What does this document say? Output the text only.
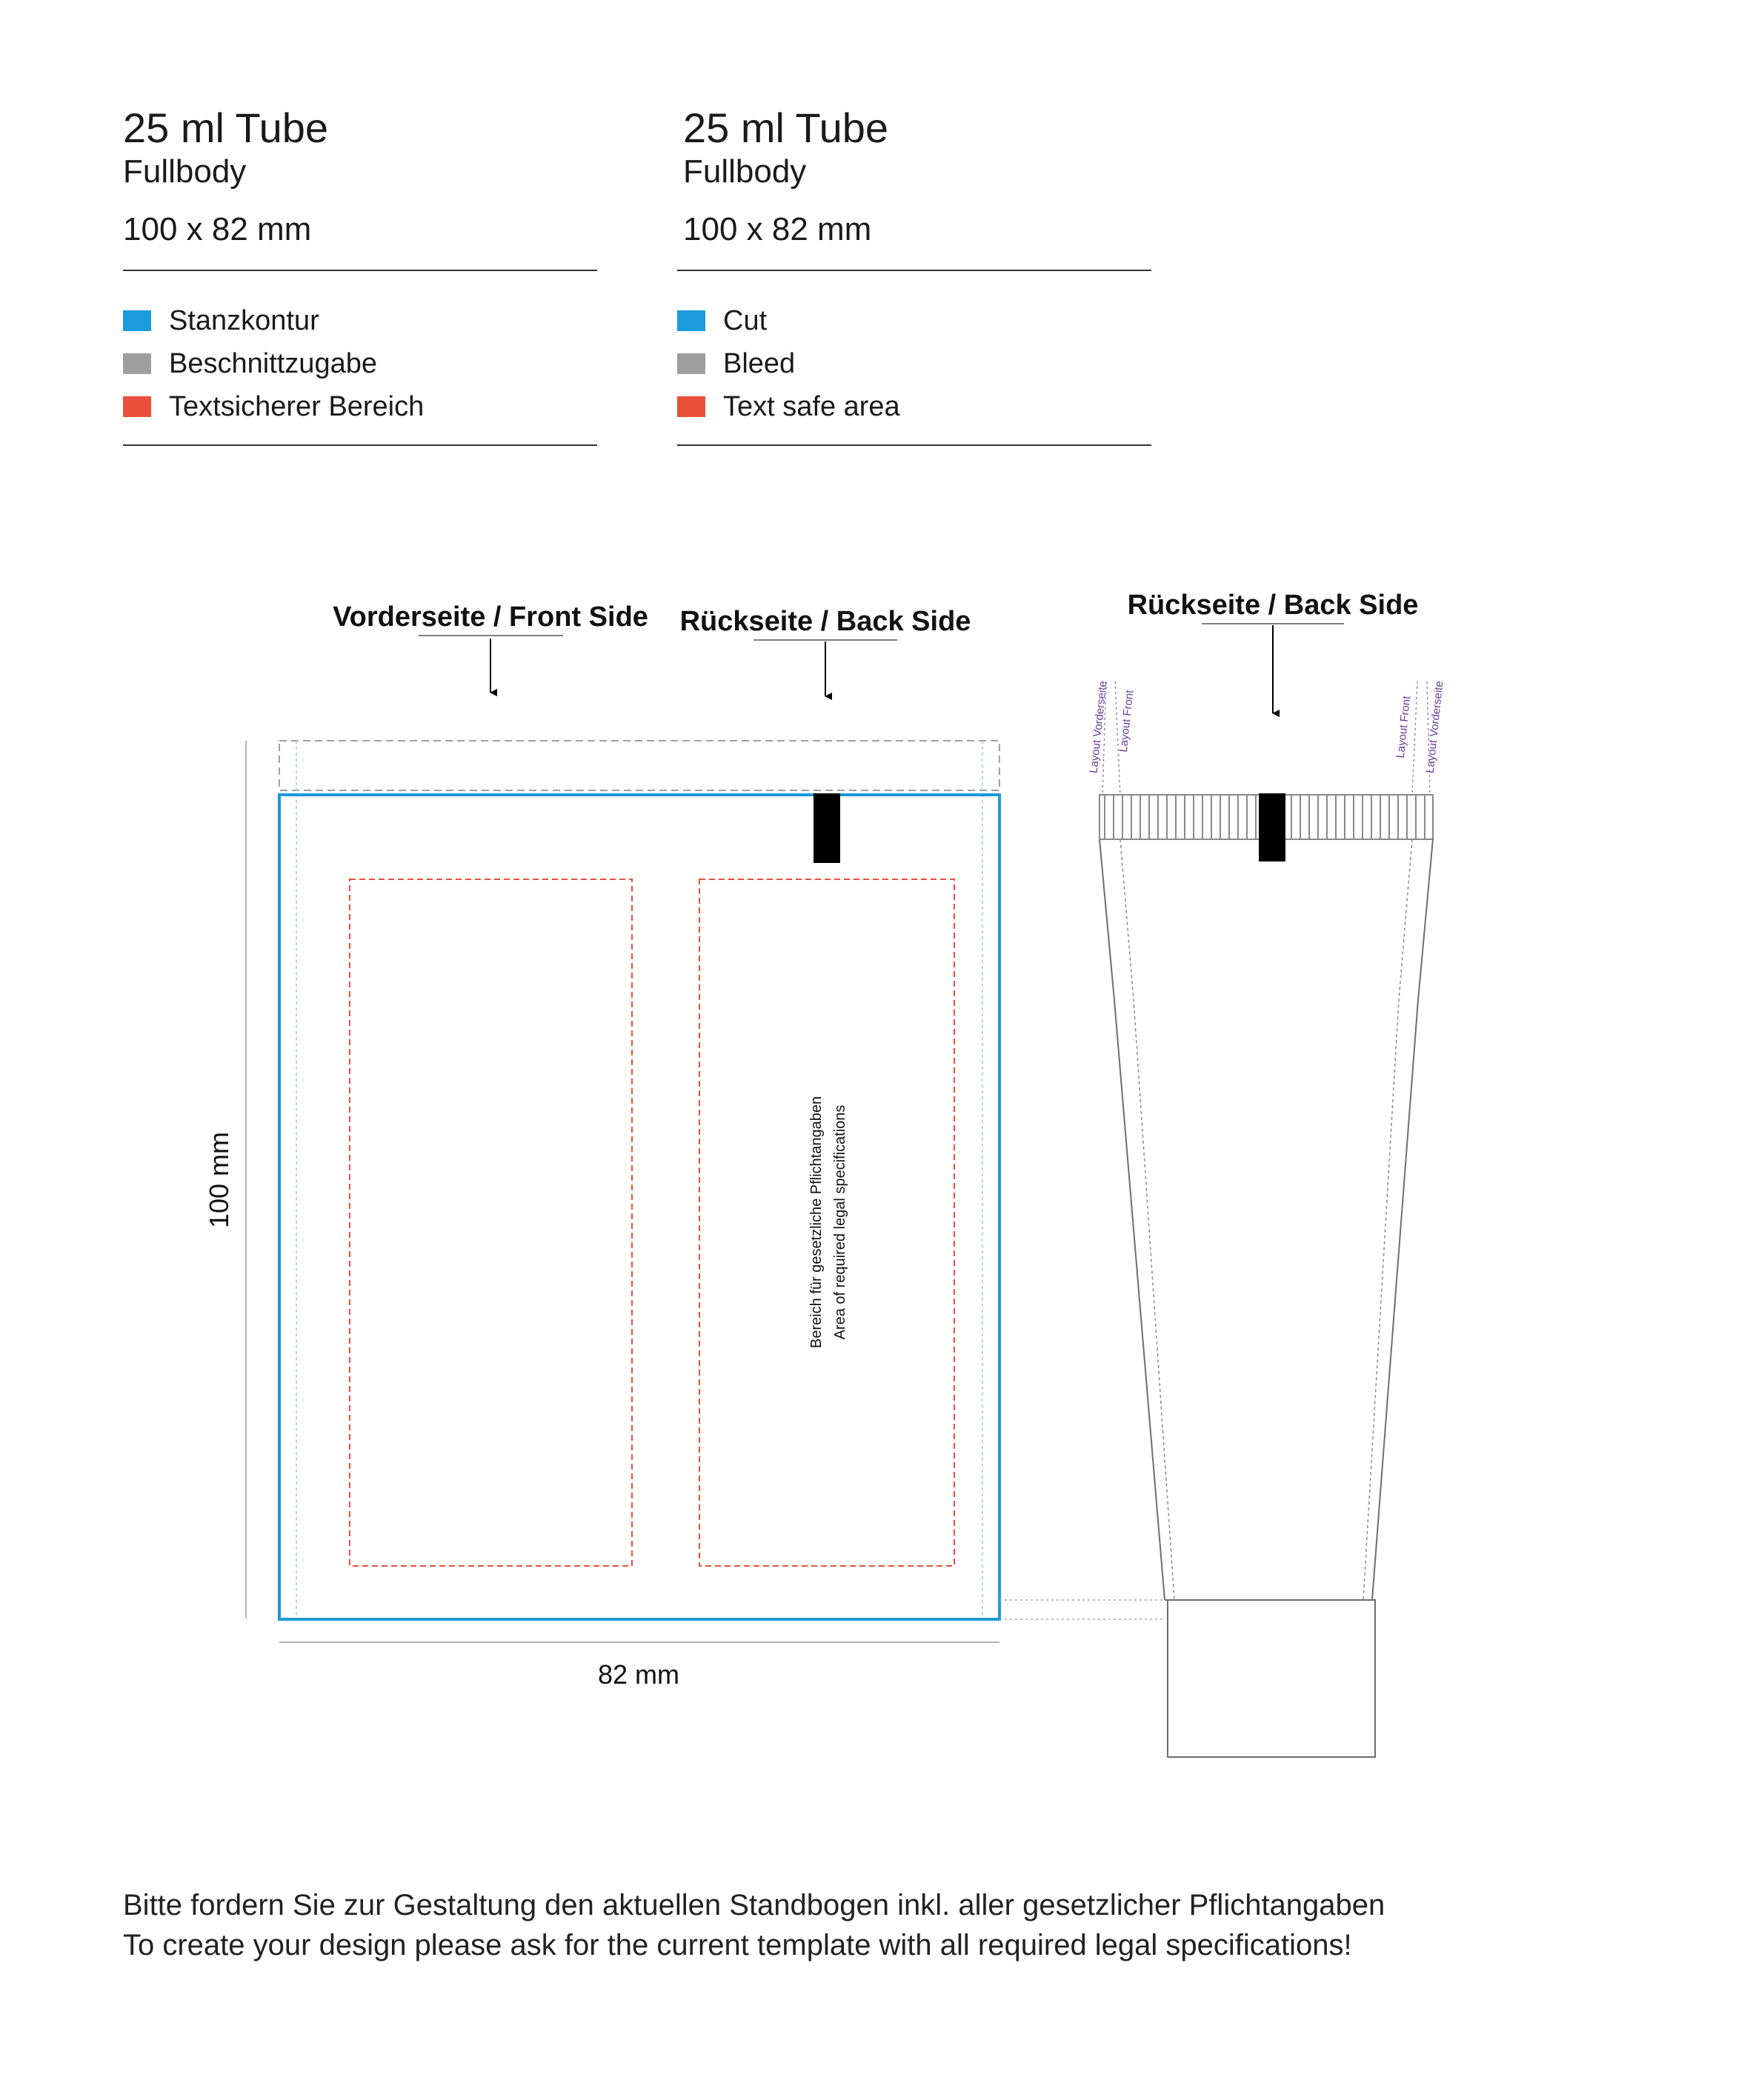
25 ml Tube
Fullbody
100 x 82 mm
Stanzkontur
Beschnittzugabe
Textsicherer Bereich
25 ml Tube
Fullbody
100 x 82 mm
Cut
Bleed
Text safe area
Vorderseite / Front Side Rückseite / Back Side
Rückseite / Back Side
Bereich für gesetzliche Pflichtangaben Area of required legal specifications
100 mm
82 mm
Layout Vorderseite Layout Front	Layout Front Layout Vorderseite
Bitte fordern Sie zur Gestaltung den aktuellen Standbogen inkl. aller gesetzlicher Pflichtangaben
To create your design please ask for the current template with all required legal specifications!
